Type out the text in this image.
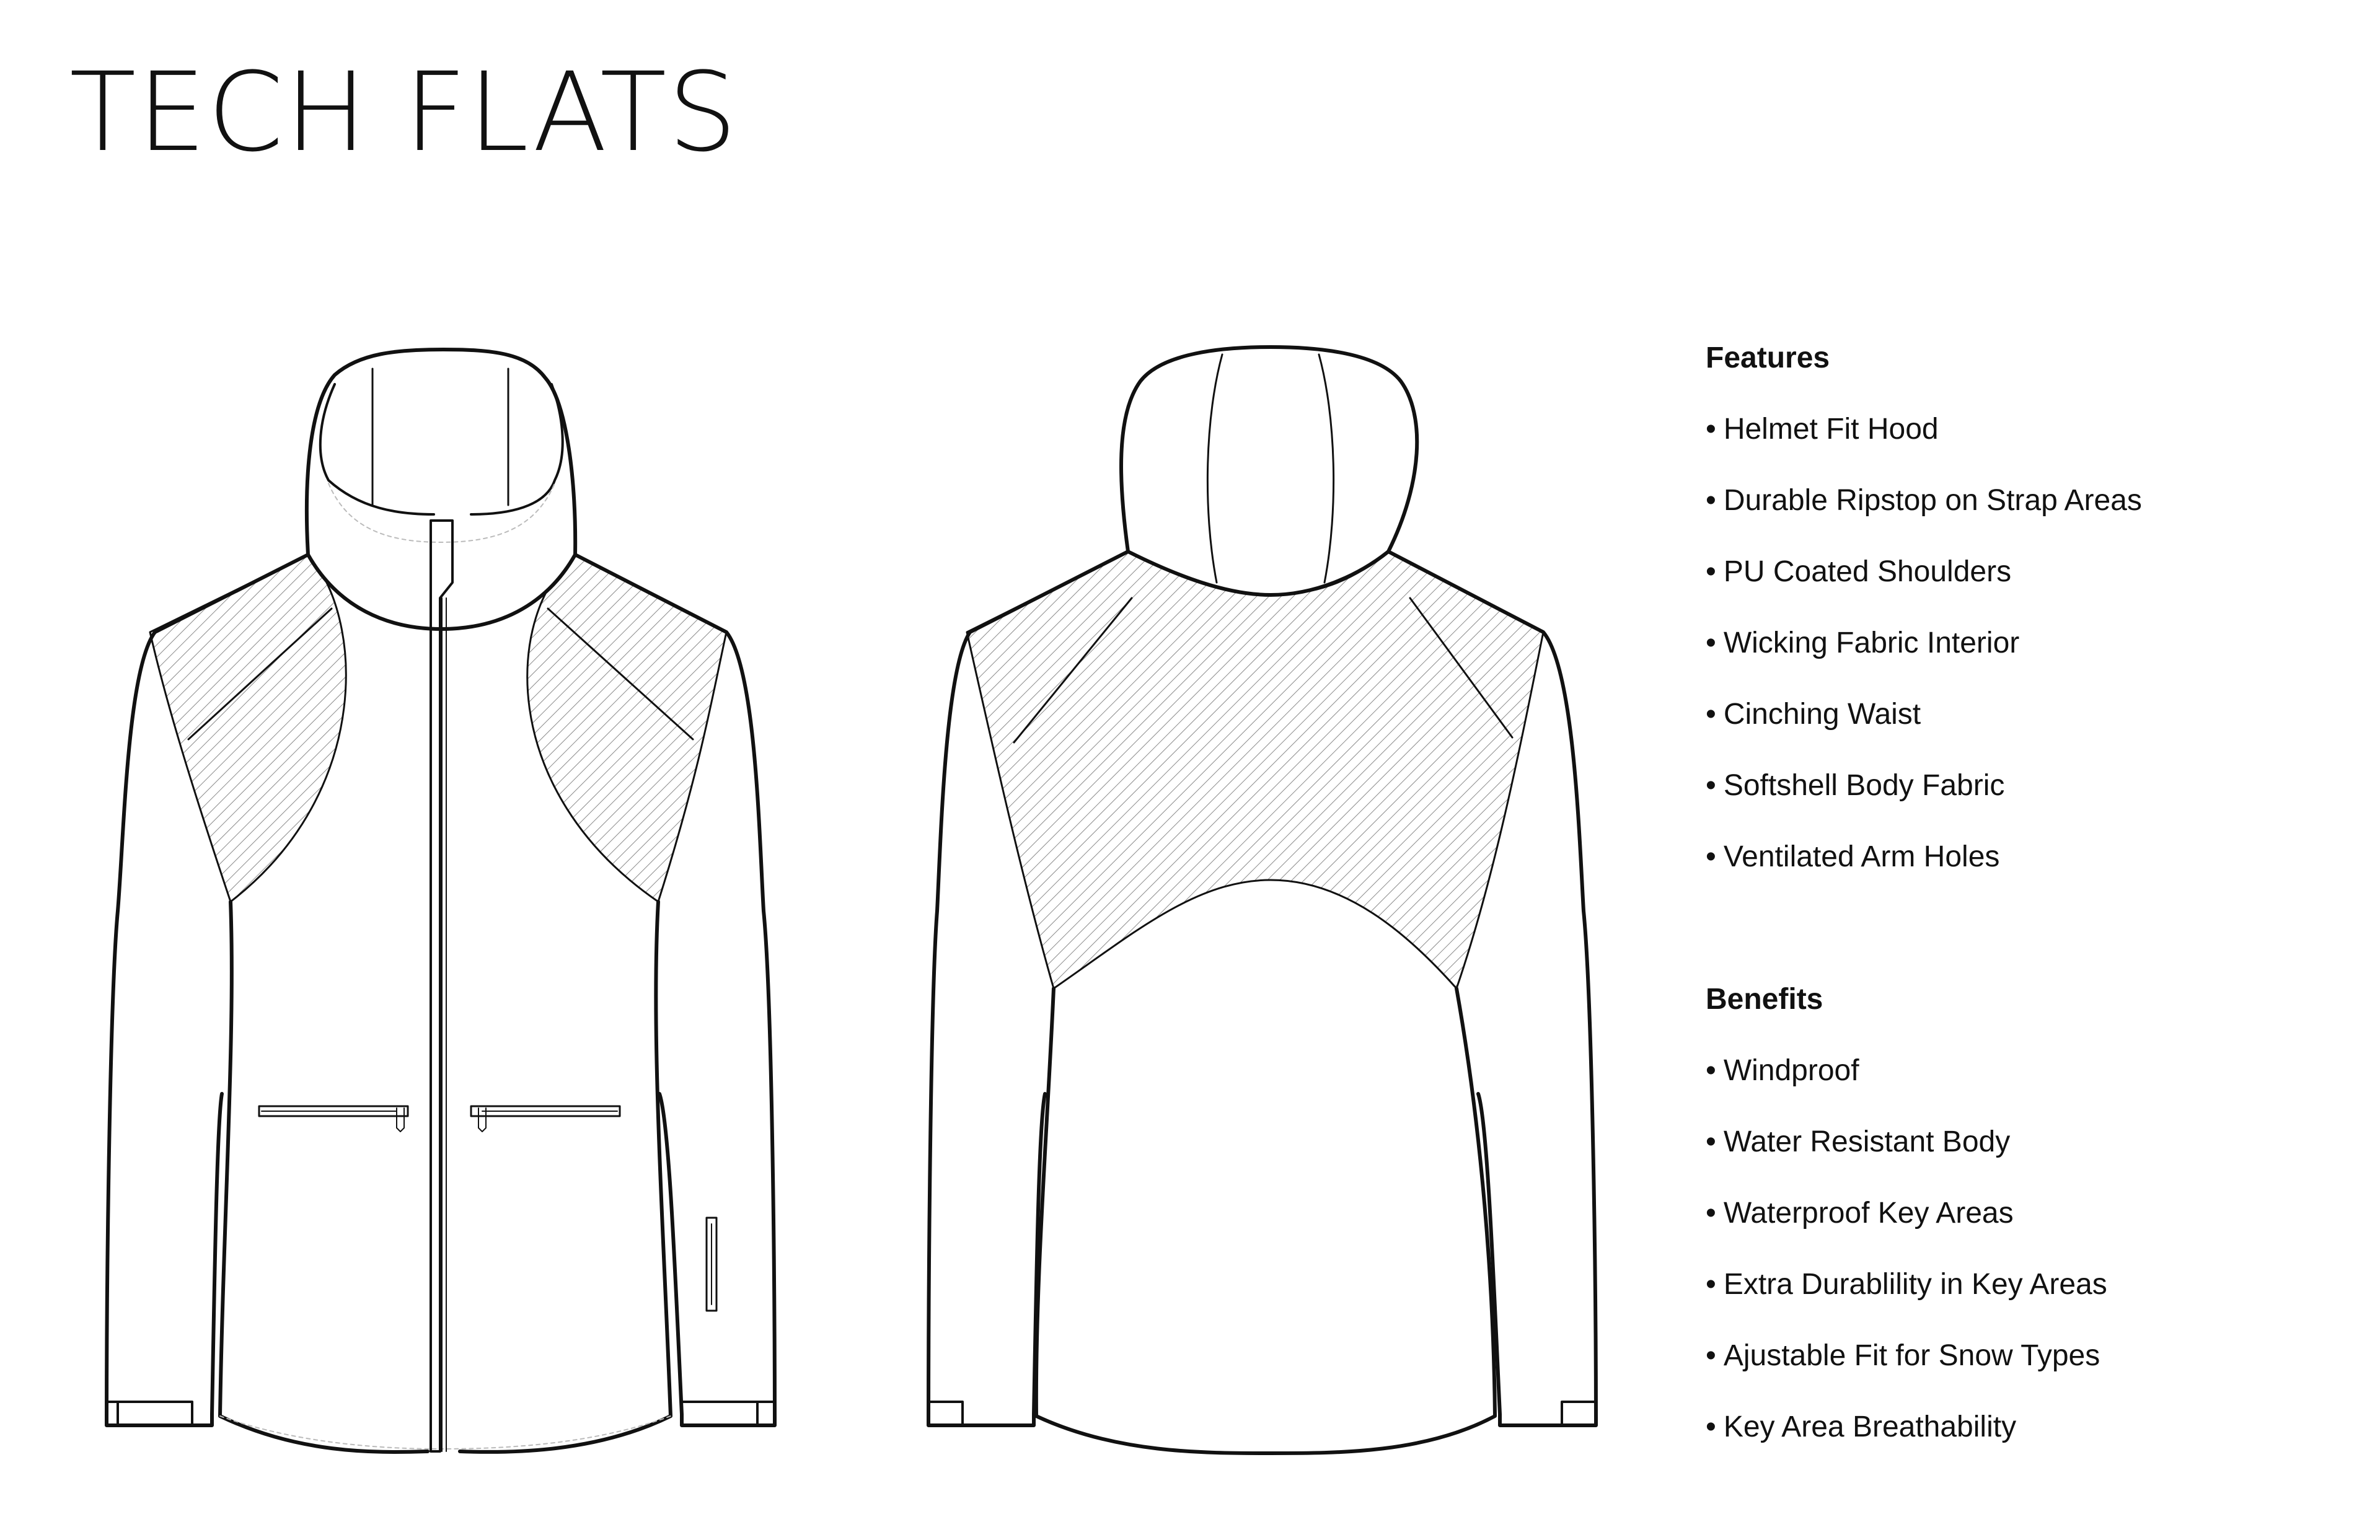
TECH FLATS
Features
• Helmet Fit Hood
• Durable Ripstop on Strap Areas
• PU Coated Shoulders
• Wicking Fabric Interior
• Cinching Waist
• Softshell Body Fabric
• Ventilated Arm Holes
Benefits
• Windproof
• Water Resistant Body
• Waterproof Key Areas
• Extra Durablility in Key Areas
• Ajustable Fit for Snow Types
• Key Area Breathability
